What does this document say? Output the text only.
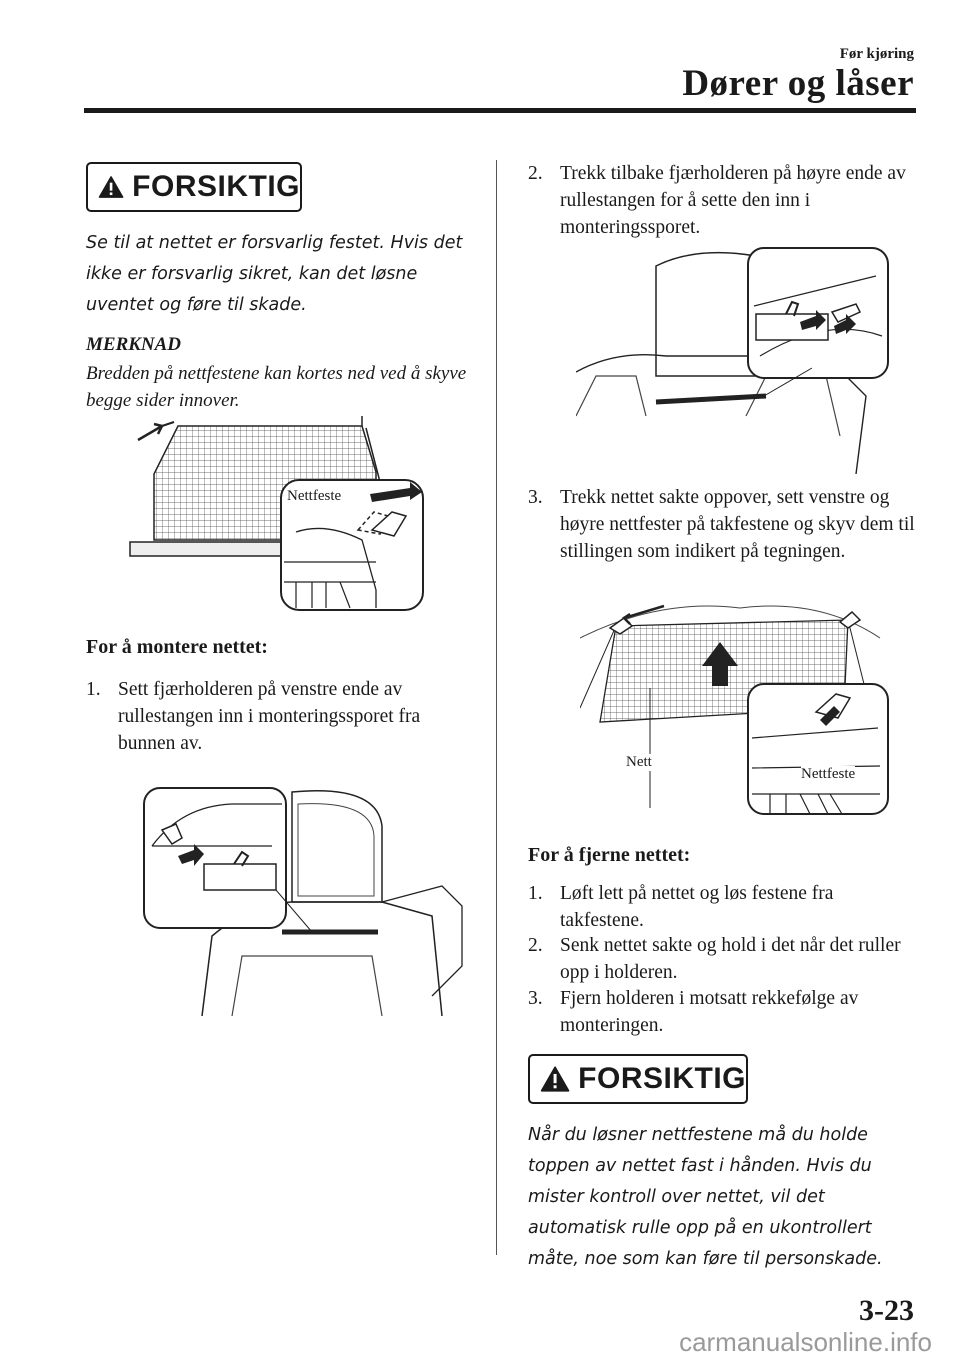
Før kjøring
Dører og låser
FORSIKTIG

Se til at nettet er forsvarlig festet. Hvis det ikke er forsvarlig sikret, kan det løsne uventet og føre til skade.

MERKNAD

Bredden på nettfestene kan kortes ned ved å skyve begge sider innover.

Nettfeste
For å montere nettet:
1. Sett fjærholderen på venstre ende av rullestangen inn i monteringssporet fra bunnen av.
2. Trekk tilbake fjærholderen på høyre ende av rullestangen for å sette den inn i monteringssporet.
3. Trekk nettet sakte oppover, sett venstre og høyre nettfester på takfestene og skyv dem til stillingen som indikert på tegningen.
Nett
Nettfeste
For å fjerne nettet:
1. Løft lett på nettet og løs festene fra takfestene.
2. Senk nettet sakte og hold i det når det ruller opp i holderen.
3. Fjern holderen i motsatt rekkefølge av monteringen.
FORSIKTIG

Når du løsner nettfestene må du holde toppen av nettet fast i hånden. Hvis du mister kontroll over nettet, vil det automatisk rulle opp på en ukontrollert måte, noe som kan føre til personskade.

3-23
carmanualsonline.info
